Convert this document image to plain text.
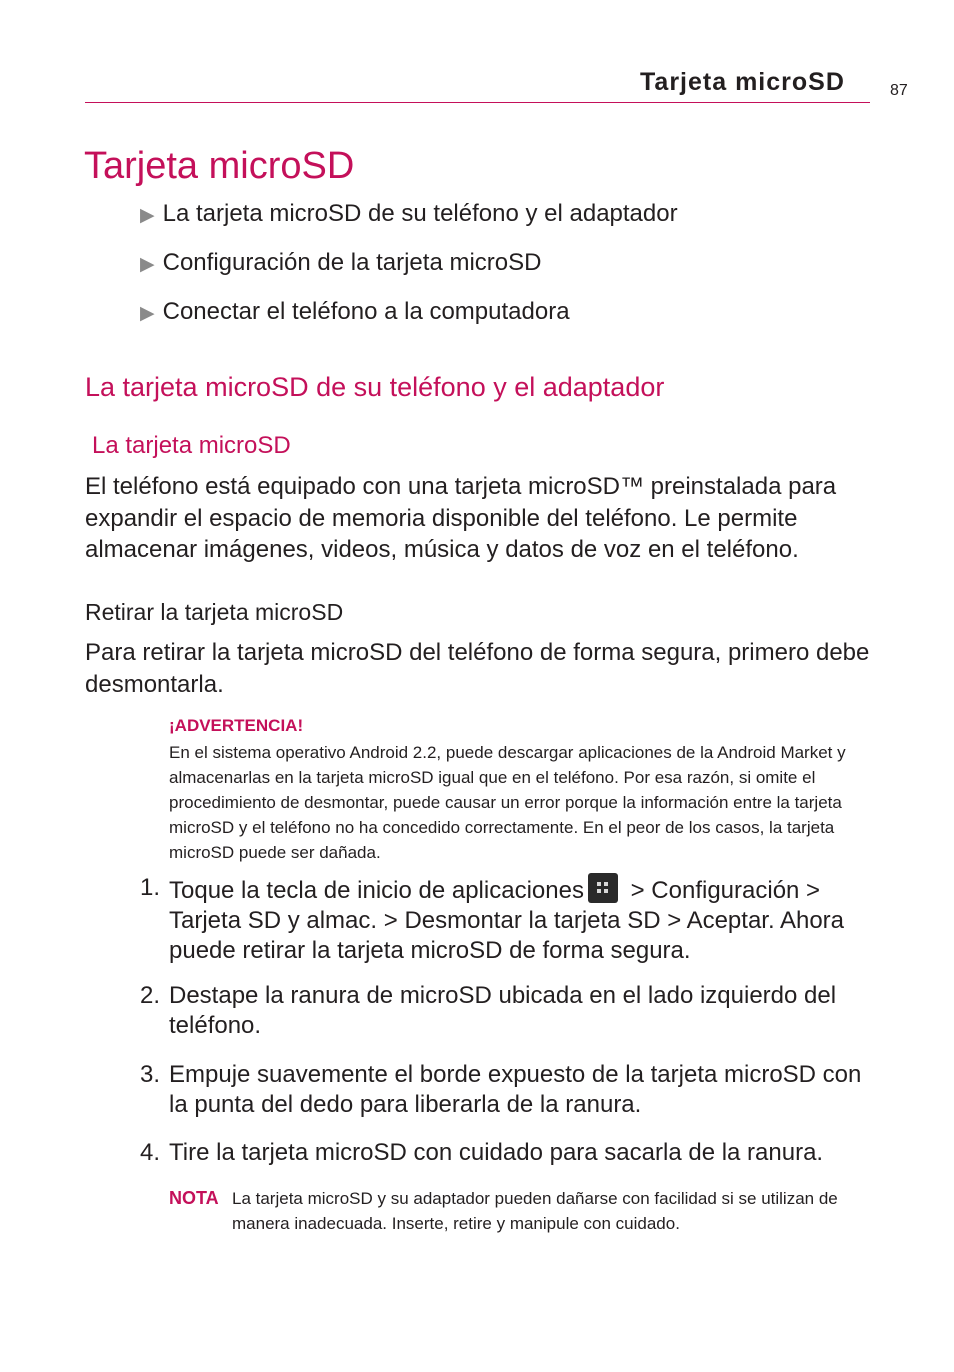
Tarjeta microSD	87
Tarjeta microSD
▶ La tarjeta microSD de su teléfono y el adaptador
▶ Configuración de la tarjeta microSD
▶ Conectar el teléfono a la computadora
La tarjeta microSD de su teléfono y el adaptador
La tarjeta microSD
El teléfono está equipado con una tarjeta microSD™ preinstalada para expandir el espacio de memoria disponible del teléfono. Le permite almacenar imágenes, videos, música y datos de voz en el teléfono.
Retirar la tarjeta microSD
Para retirar la tarjeta microSD del teléfono de forma segura, primero debe desmontarla.
¡ADVERTENCIA!
En el sistema operativo Android 2.2, puede descargar aplicaciones de la Android Market y almacenarlas en la tarjeta microSD igual que en el teléfono. Por esa razón, si omite el procedimiento de desmontar, puede causar un error porque la información entre la tarjeta microSD y el teléfono no ha concedido correctamente. En el peor de los casos, la tarjeta microSD puede ser dañada.
1. Toque la tecla de inicio de aplicaciones
> Configuración > Tarjeta SD y almac. > Desmontar la tarjeta SD > Aceptar. Ahora puede retirar la tarjeta microSD de forma segura.
2. Destape la ranura de microSD ubicada en el lado izquierdo del teléfono.
3. Empuje suavemente el borde expuesto de la tarjeta microSD con la punta del dedo para liberarla de la ranura.
4. Tire la tarjeta microSD con cuidado para sacarla de la ranura.
NOTA La tarjeta microSD y su adaptador pueden dañarse con facilidad si se utilizan de manera inadecuada. Inserte, retire y manipule con cuidado.
